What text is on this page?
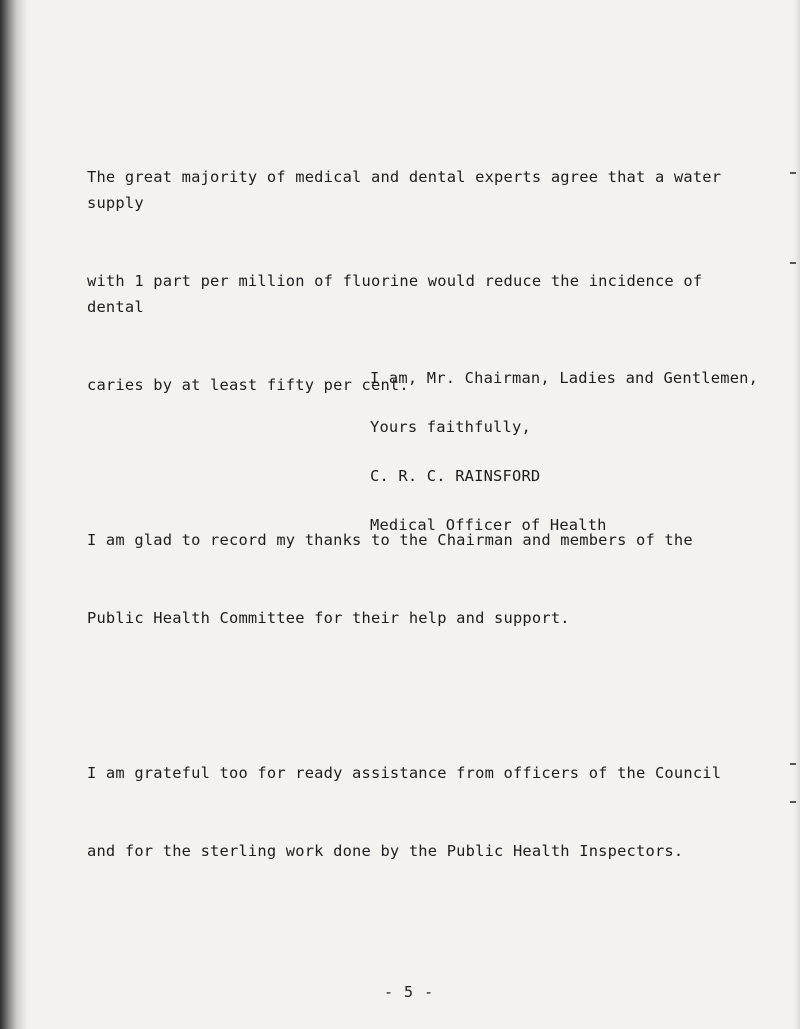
The great majority of medical and dental experts agree that a water supply

with 1 part per million of fluorine would reduce the incidence of dental

caries by at least fifty per cent.

I am glad to record my thanks to the Chairman and members of the

Public Health Committee for their help and support.

I am grateful too for ready assistance from officers of the Council

and for the sterling work done by the Public Health Inspectors.

I am, Mr. Chairman, Ladies and Gentlemen,
Yours faithfully,
C. R. C. RAINSFORD
Medical Officer of Health
- 5 -
